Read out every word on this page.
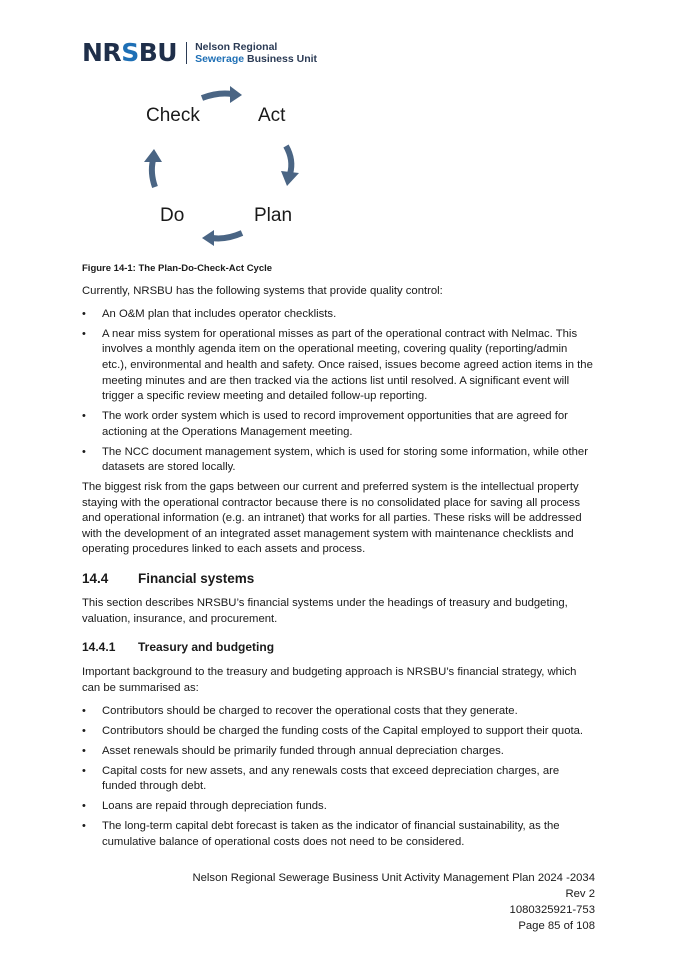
NRSBU Nelson Regional
Sewerage Business Unit
Check	Act
Do	Plan
Figure 14-1: The Plan-Do-Check-Act Cycle

Currently, NRSBU has the following systems that provide quality control:

• An O&M plan that includes operator checklists.
• A near miss system for operational misses as part of the operational contract with Nelmac. This involves a monthly agenda item on the operational meeting, covering quality (reporting/admin etc.), environmental and health and safety. Once raised, issues become agreed action items in the meeting minutes and are then tracked via the actions list until resolved. A significant event will trigger a specific review meeting and detailed follow-up reporting.
• The work order system which is used to record improvement opportunities that are agreed for actioning at the Operations Management meeting.
• The NCC document management system, which is used for storing some information, while other datasets are stored locally.

The biggest risk from the gaps between our current and preferred system is the intellectual property staying with the operational contractor because there is no consolidated place for saving all process and operational information (e.g. an intranet) that works for all parties. These risks will be addressed with the development of an integrated asset management system with maintenance checklists and operating procedures linked to each assets and process.

14.4 Financial systems

This section describes NRSBU’s financial systems under the headings of treasury and budgeting, valuation, insurance, and procurement.

14.4.1 Treasury and budgeting

Important background to the treasury and budgeting approach is NRSBU’s financial strategy, which can be summarised as:

• Contributors should be charged to recover the operational costs that they generate.
• Contributors should be charged the funding costs of the Capital employed to support their quota.
• Asset renewals should be primarily funded through annual depreciation charges.
• Capital costs for new assets, and any renewals costs that exceed depreciation charges, are funded through debt.
• Loans are repaid through depreciation funds.
• The long-term capital debt forecast is taken as the indicator of financial sustainability, as the cumulative balance of operational costs does not need to be considered.
Nelson Regional Sewerage Business Unit Activity Management Plan 2024 -2034
Rev 2
1080325921-753
Page 85 of 108
